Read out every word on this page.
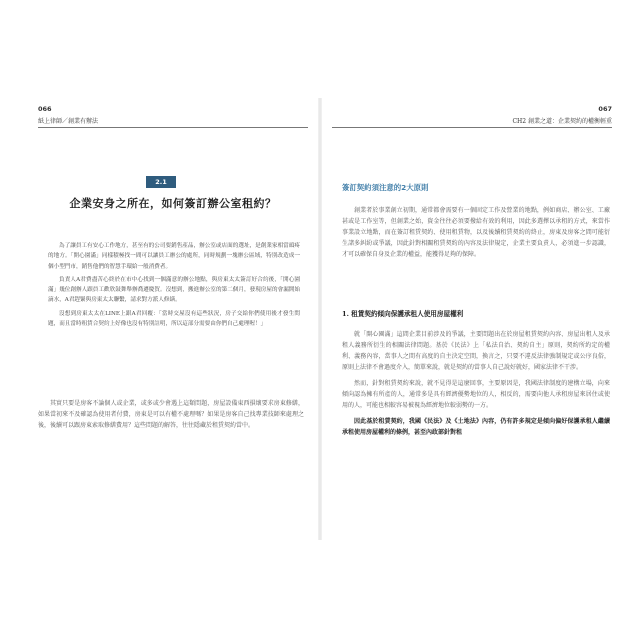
066
紙上律師／創業有辦法
2.1
企業安身之所在，如何簽訂辦公室租約？

為了讓員工有安心工作地方，甚至有的公司要銷售產品，辦公室或店面的選址，是創業家相當頭疼的地方。「開心園滿」同樣積極找一間可以讓員工辦公的處所，同時規劃一塊辦公區域，特別改造成一個小型門市，銷售他們的智慧手環給一般消費者。

負責人A君費盡苦心終於在市中心找到一個滿意的辦公地點，與房東太太簽訂好合約後，「開心園滿」幾位創辦人跟員工歡欣鼓舞舉辦喬遷慶賀。沒想到，搬進辦公室的第二個月，發現房屋的會漏開始滴水，A君趕緊與房東太太聯繫，請求對方派人修繕。

沒想到房東太太在LINE上跟A君回覆：「當時交屋沒有這些狀況，房子交給你們使用後才發生問題，而且當時租賃合契約上好像也沒有特別註明，所以這部分需要由你們自己處理喔！」

其實只要是房客不論個人或企業，或多或少會遇上這類問題，房屋設備東西損壞要求房東修繕，如果當初來不及確認為使用者付費，房東是可以有權不處理嗎？如果是房客自己找專業技師來處理之後，後續可以跟房東索取修繕費用？這些問題的解答，往往隱藏於租賃契約當中。

067
CH2 創業之道：企業契約的權衡輕重
簽訂契約須注意的2大原則

創業者於事業創立初期，通常都會需要有一個固定工作及營業的地點，例如商店、辦公室、工廠甚或是工作室等，但創業之始，資金往往必須要撥給有效的利用，因此多選擇以承租的方式，來當作事業設立地點，而在簽訂租賃契約、使用租賃物，以及後續租賃契約的終止，房東及房客之間可能衍生諸多糾紛或爭議，因此針對相關租賃契約的內容及法律規定，企業主要負責人，必須進一步認識，才可以確保自身及企業的權益，能獲得足夠的保障。

1. 租賃契約傾向保護承租人使用房屋權利

就「開心園滿」這間企業目前涉及的爭議，主要問題出在於房屋租賃契約內容、房屋出租人及承租人義務所衍生的相關法律問題。基於《民法》上「私法自治、契約自主」原則，契約所約定的權利、義務內容，當事人之間有高度的自主決定空間，換言之，只要不違反法律強制規定或公序良俗，原則上法律不會過度介入，簡單來說，就是契約的當事人自己說好就好，國家法律不干涉。

然而，針對租賃契約來說，就不見得是這麼回事，主要原因是，我國法律制度的建構立場，向來傾向認為擁有所產的人，通常多是具有經濟優勢地位的人，相反的，需要向他人承租房屋來居住或使用的人，可能也相較容易被視為經濟地位較弱勢的一方。

因此基於租賃契約，我國《民法》及《土地法》內容，仍有許多規定是傾向偏好保護承租人繼續承租使用房屋權利的條例，甚至內政部針對租
